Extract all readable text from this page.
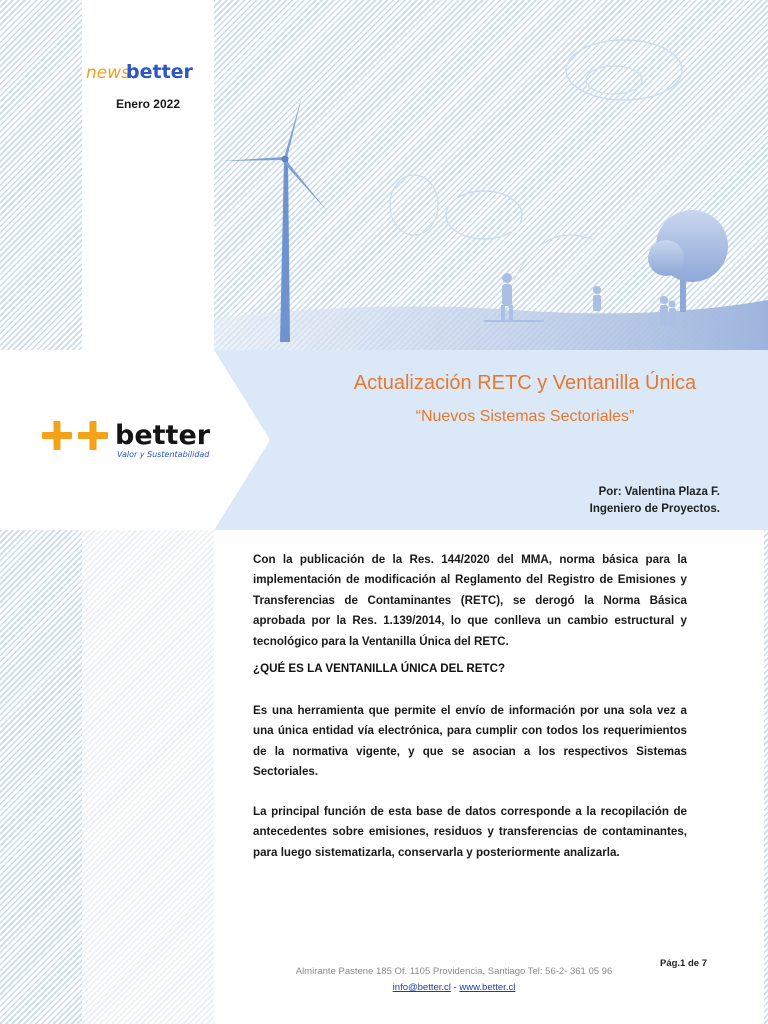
news
better
Enero 2022
better
Valor y Sustentabilidad
Actualización RETC y Ventanilla Única
“Nuevos Sistemas Sectoriales”
Por: Valentina Plaza F.
Ingeniero de Proyectos.
Con la publicación de la Res. 144/2020 del MMA, norma básica para la implementación de modificación al Reglamento del Registro de Emisiones y Transferencias de Contaminantes (RETC), se derogó la Norma Básica aprobada por la Res. 1.139/2014, lo que conlleva un cambio estructural y tecnológico para la Ventanilla Única del RETC.
¿QUÉ ES LA VENTANILLA ÚNICA DEL RETC?
Es una herramienta que permite el envío de información por una sola vez a una única entidad vía electrónica, para cumplir con todos los requerimientos de la normativa vigente, y que se asocian a los respectivos Sistemas Sectoriales.
La principal función de esta base de datos corresponde a la recopilación de antecedentes sobre emisiones, residuos y transferencias de contaminantes, para luego sistematizarla, conservarla y posteriormente analizarla.
Pág.1 de 7
Almirante Pastene 185 Of. 1105 Providencia, Santiago Tel: 56-2- 361 05 96
info@better.cl - www.better.cl
